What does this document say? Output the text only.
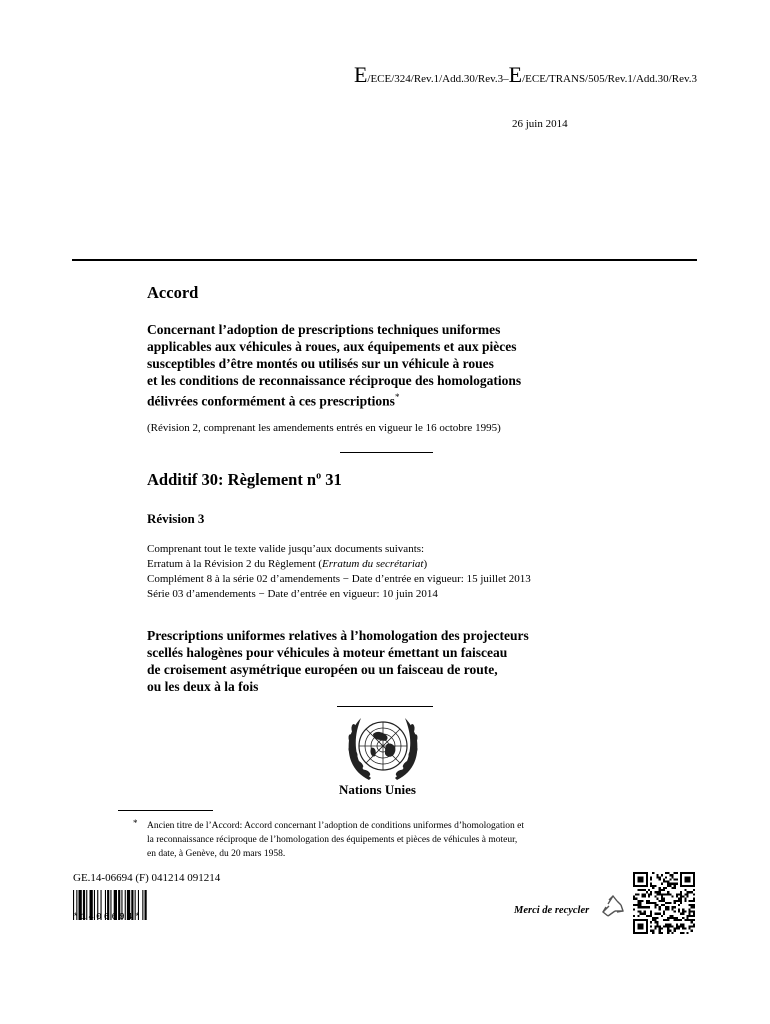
E/ECE/324/Rev.1/Add.30/Rev.3–E/ECE/TRANS/505/Rev.1/Add.30/Rev.3
26 juin 2014
Accord
Concernant l’adoption de prescriptions techniques uniformes
applicables aux véhicules à roues, aux équipements et aux pièces
susceptibles d’être montés ou utilisés sur un véhicule à roues
et les conditions de reconnaissance réciproque des homologations
délivrées conformément à ces prescriptions*
(Révision 2, comprenant les amendements entrés en vigueur le 16 octobre 1995)
Additif 30: Règlement $n^o$ 31
Révision 3
Comprenant tout le texte valide jusqu’aux documents suivants:
Erratum à la Révision 2 du Règlement (Erratum du secrétariat)
Complément 8 à la série 02 d’amendements − Date d’entrée en vigueur: 15 juillet 2013
Série 03 d’amendements − Date d’entrée en vigueur: 10 juin 2014
Prescriptions uniformes relatives à l’homologation des projecteurs
scellés halogènes pour véhicules à moteur émettant un faisceau
de croisement asymétrique européen ou un faisceau de route,
ou les deux à la fois
Nations Unies
* Ancien titre de l’Accord: Accord concernant l’adoption de conditions uniformes d’homologation et
la reconnaissance réciproque de l’homologation des équipements et pièces de véhicules à moteur,
en date, à Genève, du 20 mars 1958.
GE.14-06694 (F) 041214 091214
*1406694*
Merci de recycler
